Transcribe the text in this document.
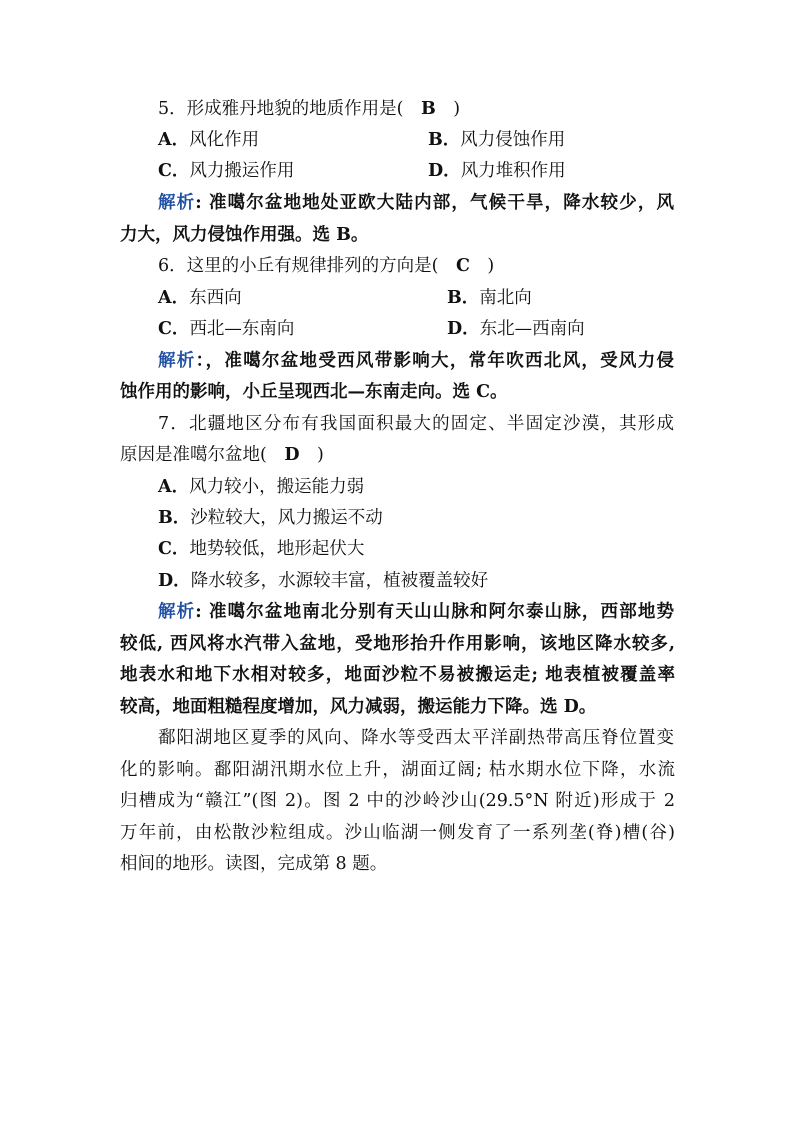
5．形成雅丹地貌的地质作用是(　B　)
A．风化作用	B．风力侵蚀作用
C．风力搬运作用	D．风力堆积作用
解析: 准噶尔盆地地处亚欧大陆内部，气候干旱，降水较少，风
力大，风力侵蚀作用强。选 B。
6．这里的小丘有规律排列的方向是(　C　)
A．东西向	B．南北向
C．西北—东南向	D．东北—西南向
解析：，准噶尔盆地受西风带影响大，常年吹西北风，受风力侵
蚀作用的影响，小丘呈现西北—东南走向。选 C。
7．北疆地区分布有我国面积最大的固定、半固定沙漠，其形成
原因是准噶尔盆地(　D　)
A．风力较小，搬运能力弱
B．沙粒较大，风力搬运不动
C．地势较低，地形起伏大
D．降水较多，水源较丰富，植被覆盖较好
解析: 准噶尔盆地南北分别有天山山脉和阿尔泰山脉，西部地势
较低, 西风将水汽带入盆地，受地形抬升作用影响，该地区降水较多,
地表水和地下水相对较多，地面沙粒不易被搬运走; 地表植被覆盖率
较高，地面粗糙程度增加，风力减弱，搬运能力下降。选 D。
鄱阳湖地区夏季的风向、降水等受西太平洋副热带高压脊位置变
化的影响。鄱阳湖汛期水位上升，湖面辽阔; 枯水期水位下降，水流
归槽成为“赣江”(图 2)。图 2 中的沙岭沙山(29.5°N 附近)形成于 2
万年前，由松散沙粒组成。沙山临湖一侧发育了一系列垄(脊)槽(谷)
相间的地形。读图，完成第 8 题。
